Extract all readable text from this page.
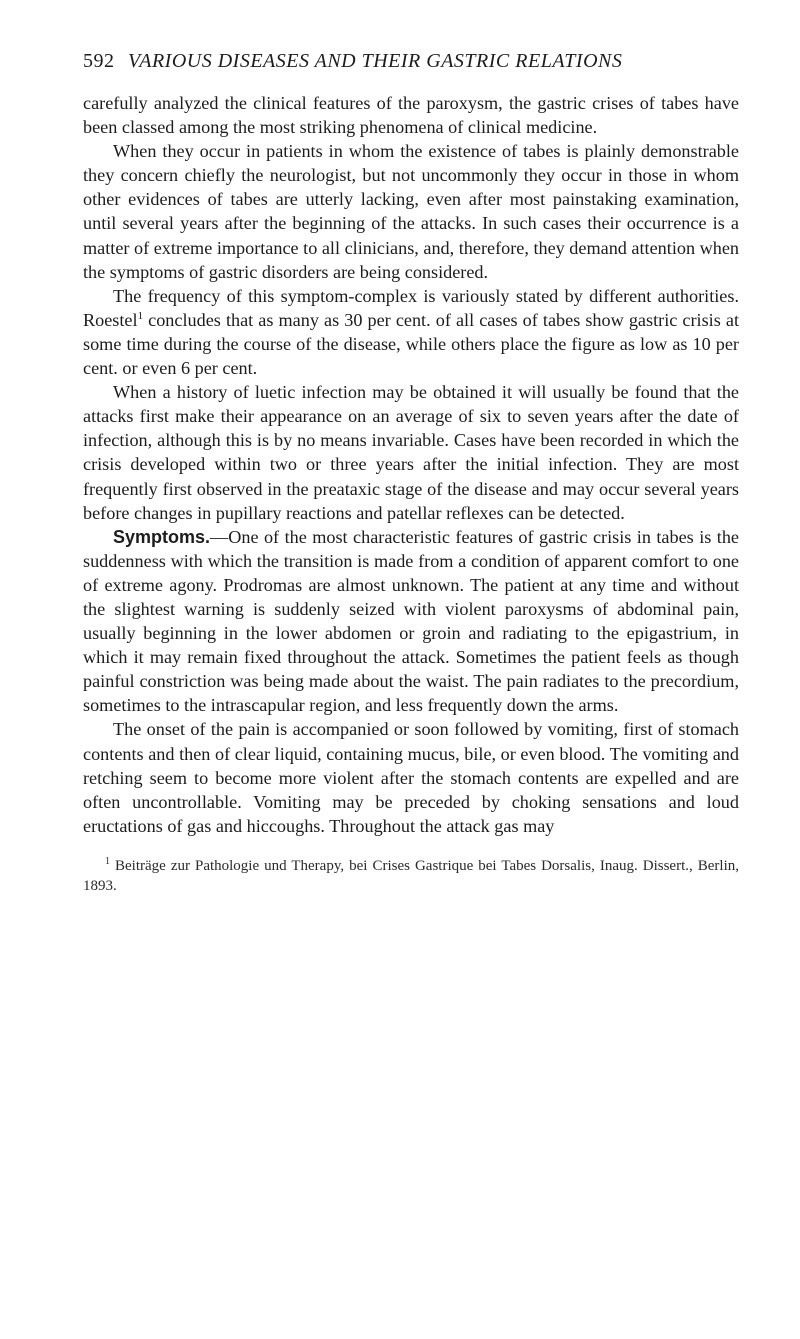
592 VARIOUS DISEASES AND THEIR GASTRIC RELATIONS

carefully analyzed the clinical features of the paroxysm, the gastric crises of tabes have been classed among the most striking phenomena of clinical medicine.

When they occur in patients in whom the existence of tabes is plainly demonstrable they concern chiefly the neurologist, but not uncommonly they occur in those in whom other evidences of tabes are utterly lacking, even after most painstaking examination, until several years after the beginning of the attacks. In such cases their occurrence is a matter of extreme importance to all clinicians, and, therefore, they demand attention when the symptoms of gastric disorders are being considered.

The frequency of this symptom-complex is variously stated by different authorities. Roestel$^1$ concludes that as many as 30 per cent. of all cases of tabes show gastric crisis at some time during the course of the disease, while others place the figure as low as 10 per cent. or even 6 per cent.

When a history of luetic infection may be obtained it will usually be found that the attacks first make their appearance on an average of six to seven years after the date of infection, although this is by no means invariable. Cases have been recorded in which the crisis developed within two or three years after the initial infection. They are most frequently first observed in the preataxic stage of the disease and may occur several years before changes in pupillary reactions and patellar reflexes can be detected.

Symptoms.—One of the most characteristic features of gastric crisis in tabes is the suddenness with which the transition is made from a condition of apparent comfort to one of extreme agony. Prodromas are almost unknown. The patient at any time and without the slightest warning is suddenly seized with violent paroxysms of abdominal pain, usually beginning in the lower abdomen or groin and radiating to the epigastrium, in which it may remain fixed throughout the attack. Sometimes the patient feels as though painful constriction was being made about the waist. The pain radiates to the precordium, sometimes to the intrascapular region, and less frequently down the arms.

The onset of the pain is accompanied or soon followed by vomiting, first of stomach contents and then of clear liquid, containing mucus, bile, or even blood. The vomiting and retching seem to become more violent after the stomach contents are expelled and are often uncontrollable. Vomiting may be preceded by choking sensations and loud eructations of gas and hiccoughs. Throughout the attack gas may

$^1$ Beiträge zur Pathologie und Therapy, bei Crises Gastrique bei Tabes Dorsalis, Inaug. Dissert., Berlin, 1893.
